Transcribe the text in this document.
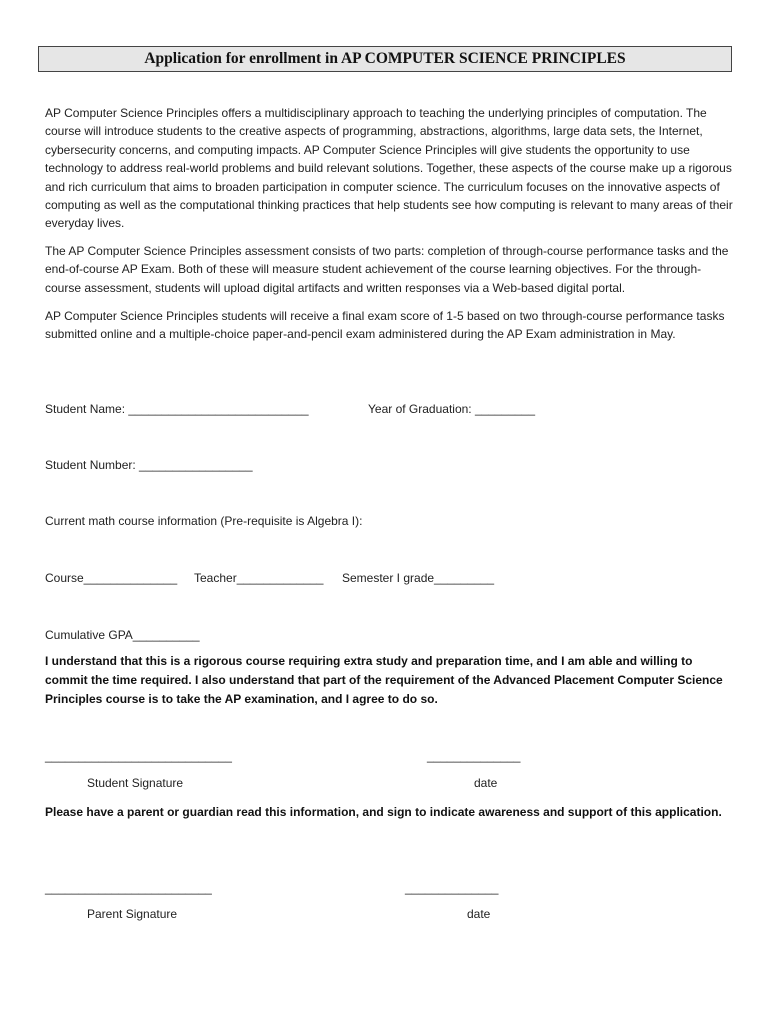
Application for enrollment in AP COMPUTER SCIENCE PRINCIPLES

AP Computer Science Principles offers a multidisciplinary approach to teaching the underlying principles of computation. The course will introduce students to the creative aspects of programming, abstractions, algorithms, large data sets, the Internet, cybersecurity concerns, and computing impacts. AP Computer Science Principles will give students the opportunity to use technology to address real-world problems and build relevant solutions. Together, these aspects of the course make up a rigorous and rich curriculum that aims to broaden participation in computer science. The curriculum focuses on the innovative aspects of computing as well as the computational thinking practices that help students see how computing is relevant to many areas of their everyday lives.

The AP Computer Science Principles assessment consists of two parts: completion of through-course performance tasks and the end-of-course AP Exam. Both of these will measure student achievement of the course learning objectives. For the through-course assessment, students will upload digital artifacts and written responses via a Web-based digital portal.

AP Computer Science Principles students will receive a final exam score of 1-5 based on two through-course performance tasks submitted online and a multiple-choice paper-and-pencil exam administered during the AP Exam administration in May.

Student Name: ___________________________	Year of Graduation: _________
Student Number: _________________
Current math course information (Pre-requisite is Algebra I):
Course______________ Teacher_____________ Semester I grade_________
Cumulative GPA__________

I understand that this is a rigorous course requiring extra study and preparation time, and I am able and willing to commit the time required. I also understand that part of the requirement of the Advanced Placement Computer Science Principles course is to take the AP examination, and I agree to do so.

____________________________	______________
Student Signature	date

Please have a parent or guardian read this information, and sign to indicate awareness and support of this application.

_________________________	______________
Parent Signature	date
